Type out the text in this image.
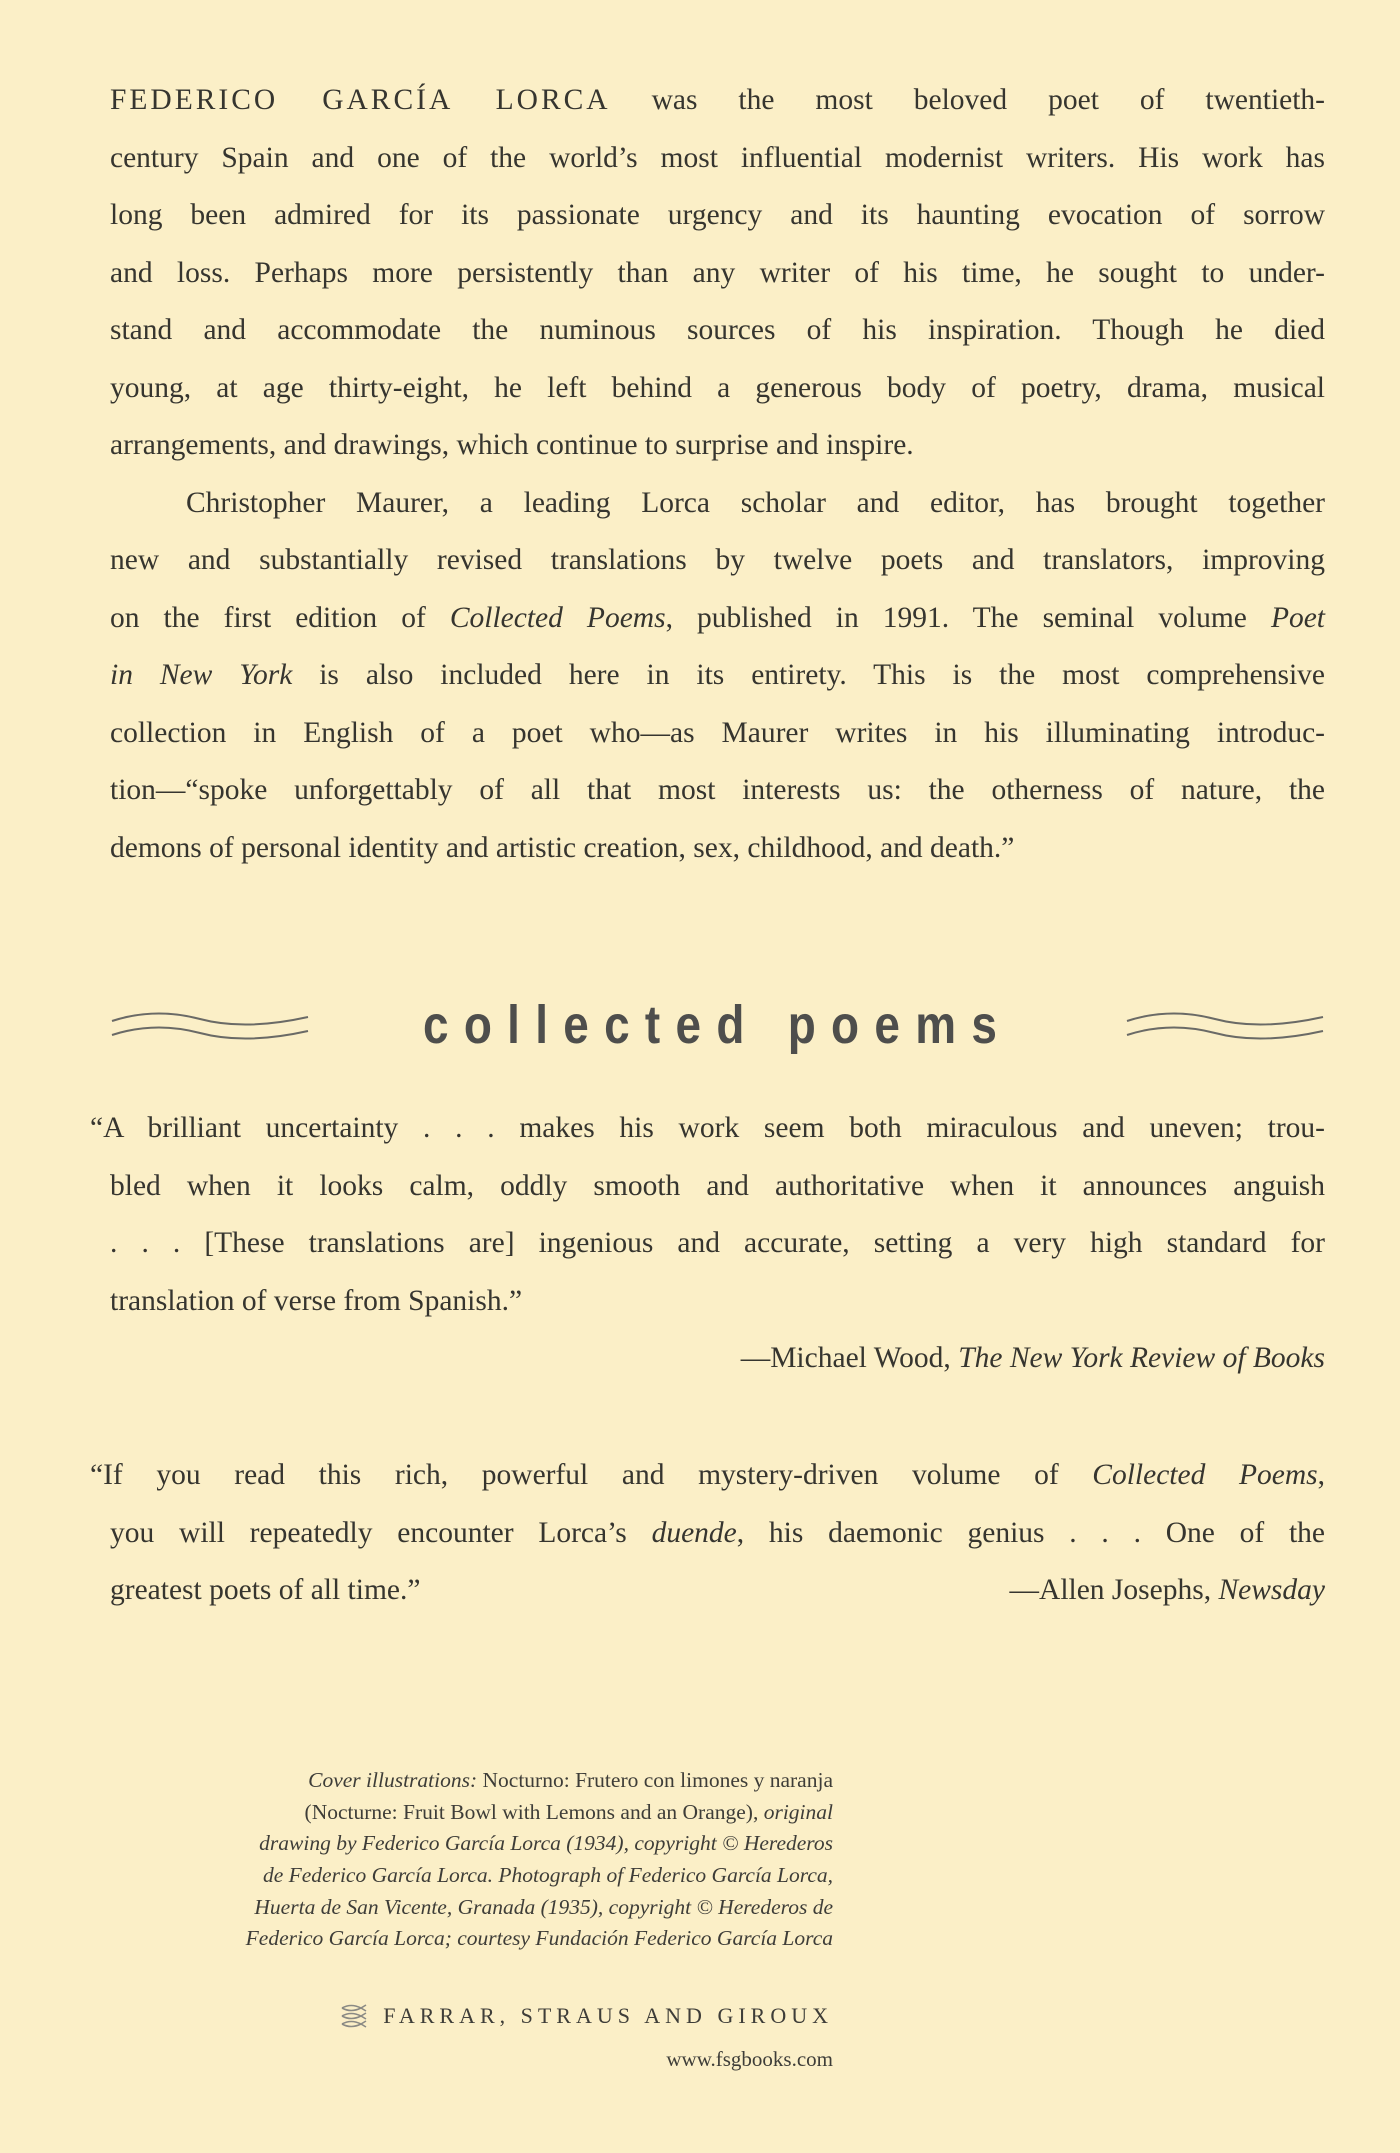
FEDERICO GARCÍA LORCA was the most beloved poet of twentieth-
century Spain and one of the world’s most influential modernist writers. His work has
long been admired for its passionate urgency and its haunting evocation of sorrow
and loss. Perhaps more persistently than any writer of his time, he sought to under-
stand and accommodate the numinous sources of his inspiration. Though he died
young, at age thirty-eight, he left behind a generous body of poetry, drama, musical
arrangements, and drawings, which continue to surprise and inspire.
Christopher Maurer, a leading Lorca scholar and editor, has brought together
new and substantially revised translations by twelve poets and translators, improving
on the first edition of Collected Poems, published in 1991. The seminal volume Poet
in New York is also included here in its entirety. This is the most comprehensive
collection in English of a poet who—as Maurer writes in his illuminating introduc-
tion—“spoke unforgettably of all that most interests us: the otherness of nature, the
demons of personal identity and artistic creation, sex, childhood, and death.”
collected poems
“A brilliant uncertainty . . . makes his work seem both miraculous and uneven; trou-
bled when it looks calm, oddly smooth and authoritative when it announces anguish
. . . [These translations are] ingenious and accurate, setting a very high standard for
translation of verse from Spanish.”
—Michael Wood, The New York Review of Books
“If you read this rich, powerful and mystery-driven volume of Collected Poems,
you will repeatedly encounter Lorca’s duende, his daemonic genius . . . One of the
greatest poets of all time.”	—Allen Josephs, Newsday
Cover illustrations: Nocturno: Frutero con limones y naranja
(Nocturne: Fruit Bowl with Lemons and an Orange), original
drawing by Federico García Lorca (1934), copyright © Herederos
de Federico García Lorca. Photograph of Federico García Lorca,
Huerta de San Vicente, Granada (1935), copyright © Herederos de
Federico García Lorca; courtesy Fundación Federico García Lorca
FARRAR, STRAUS AND GIROUX
www.fsgbooks.com
